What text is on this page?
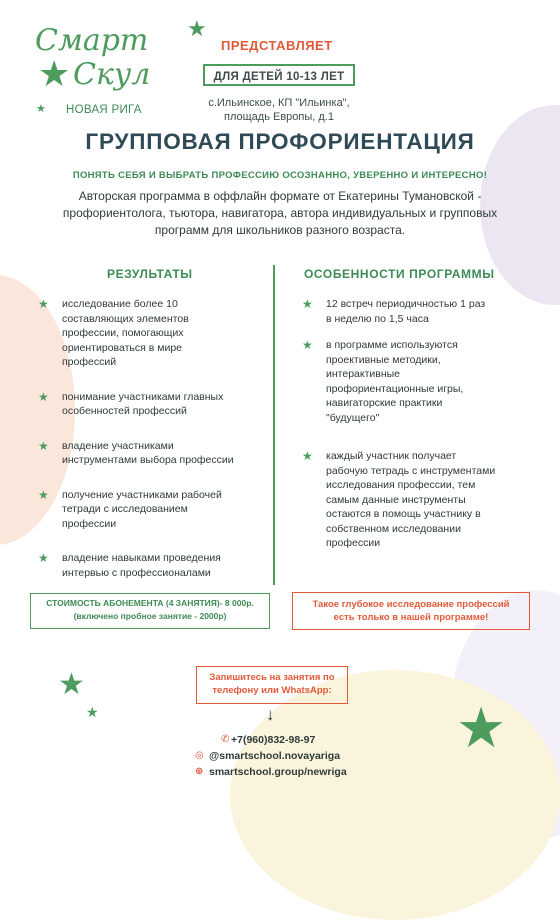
★
★
★
★
★	★
Смарт
Скул
НОВАЯ РИГА
ПРЕДСТАВЛЯЕТ
ДЛЯ ДЕТЕЙ 10-13 ЛЕТ
с.Ильинское, КП "Ильинка",
площадь Европы, д.1
ГРУППОВАЯ ПРОФОРИЕНТАЦИЯ
ПОНЯТЬ СЕБЯ И ВЫБРАТЬ ПРОФЕССИЮ ОСОЗНАННО, УВЕРЕННО И ИНТЕРЕСНО!
Авторская программа в оффлайн формате от Екатерины Тумановской -
профориентолога, тьютора, навигатора, автора индивидуальных и групповых
программ для школьников разного возраста.
РЕЗУЛЬТАТЫ	ОСОБЕННОСТИ ПРОГРАММЫ
★ исследование более 10
составляющих элементов
профессии, помогающих
ориентироваться в мире
профессий
★ понимание участниками главных
особенностей профессий
★ владение участниками
инструментами выбора профессии
★ получение участниками рабочей
тетради с исследованием
профессии
★ владение навыками проведения
интервью с профессионалами
★ 12 встреч периодичностью 1 раз
в неделю по 1,5 часа
★ в программе используются
проективные методики,
интерактивные
профориентационные игры,
навигаторские практики
"будущего"
★ каждый участник получает
рабочую тетрадь с инструментами
исследования профессии, тем
самым данные инструменты
остаются в помощь участнику в
собственном исследовании
профессии
СТОИМОСТЬ АБОНЕМЕНТА (4 ЗАНЯТИЯ)- 8 000р.
(включено пробное занятие - 2000р)
Такое глубокое исследование профессий
есть только в нашей программе!
Запишитесь на занятия по
телефону или WhatsApp:
↓
✆ +7(960)832-98-97
◎ @smartschool.novayariga
⊕ smartschool.group/newriga
